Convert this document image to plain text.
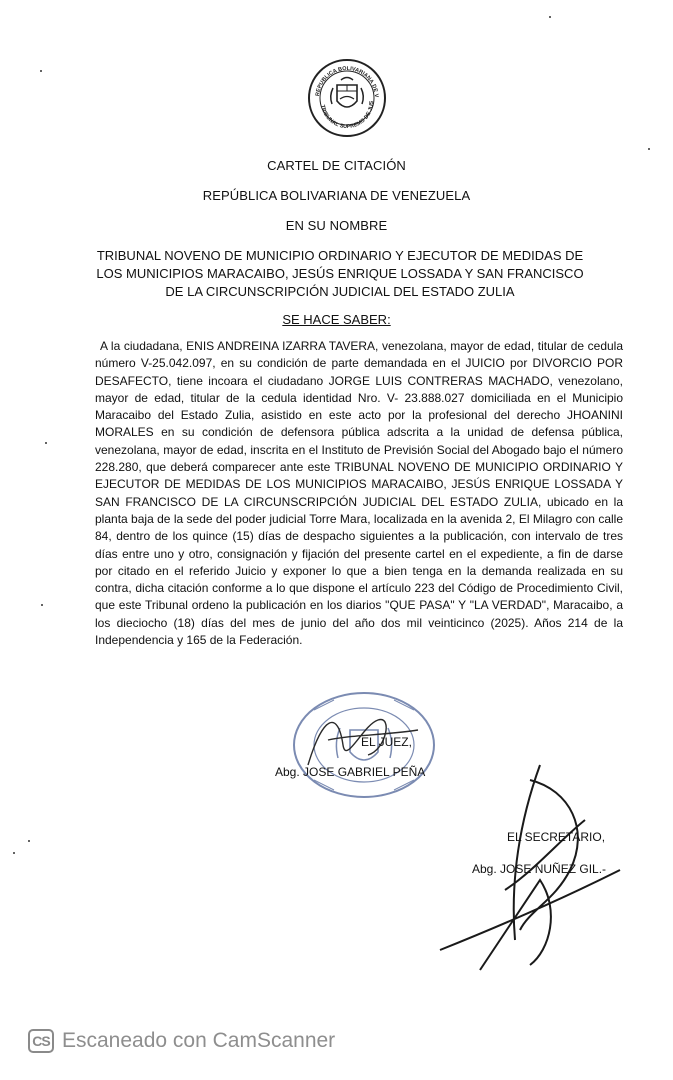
REPUBLICA BOLIVARIANA DE V
TRIBUNAL SUPREMO DE JUS
CARTEL DE CITACIÓN
REPÚBLICA BOLIVARIANA DE VENEZUELA
EN SU NOMBRE
TRIBUNAL NOVENO DE MUNICIPIO ORDINARIO Y EJECUTOR DE MEDIDAS DE LOS MUNICIPIOS MARACAIBO, JESÚS ENRIQUE LOSSADA Y SAN FRANCISCO DE LA CIRCUNSCRIPCIÓN JUDICIAL DEL ESTADO ZULIA
SE HACE SABER:

A la ciudadana, ENIS ANDREINA IZARRA TAVERA, venezolana, mayor de edad, titular de cedula número V-25.042.097, en su condición de parte demandada en el JUICIO por DIVORCIO POR DESAFECTO, tiene incoara el ciudadano JORGE LUIS CONTRERAS MACHADO, venezolano, mayor de edad, titular de la cedula identidad Nro. V- 23.888.027 domiciliada en el Municipio Maracaibo del Estado Zulia, asistido en este acto por la profesional del derecho JHOANINI MORALES en su condición de defensora pública adscrita a la unidad de defensa pública, venezolana, mayor de edad, inscrita en el Instituto de Previsión Social del Abogado bajo el número 228.280, que deberá comparecer ante este TRIBUNAL NOVENO DE MUNICIPIO ORDINARIO Y EJECUTOR DE MEDIDAS DE LOS MUNICIPIOS MARACAIBO, JESÚS ENRIQUE LOSSADA Y SAN FRANCISCO DE LA CIRCUNSCRIPCIÓN JUDICIAL DEL ESTADO ZULIA, ubicado en la planta baja de la sede del poder judicial Torre Mara, localizada en la avenida 2, El Milagro con calle 84, dentro de los quince (15) días de despacho siguientes a la publicación, con intervalo de tres días entre uno y otro, consignación y fijación del presente cartel en el expediente, a fin de darse por citado en el referido Juicio y exponer lo que a bien tenga en la demanda realizada en su contra, dicha citación conforme a lo que dispone el artículo 223 del Código de Procedimiento Civil, que este Tribunal ordeno la publicación en los diarios "QUE PASA" Y "LA VERDAD", Maracaibo, a los dieciocho (18) días del mes de junio del año dos mil veinticinco (2025). Años 214 de la Independencia y 165 de la Federación.

EL JUEZ,
Abg. JOSE GABRIEL PEÑA
EL SECRETARIO,
Abg. JOSE NUÑEZ GIL.-
CS Escaneado con CamScanner
